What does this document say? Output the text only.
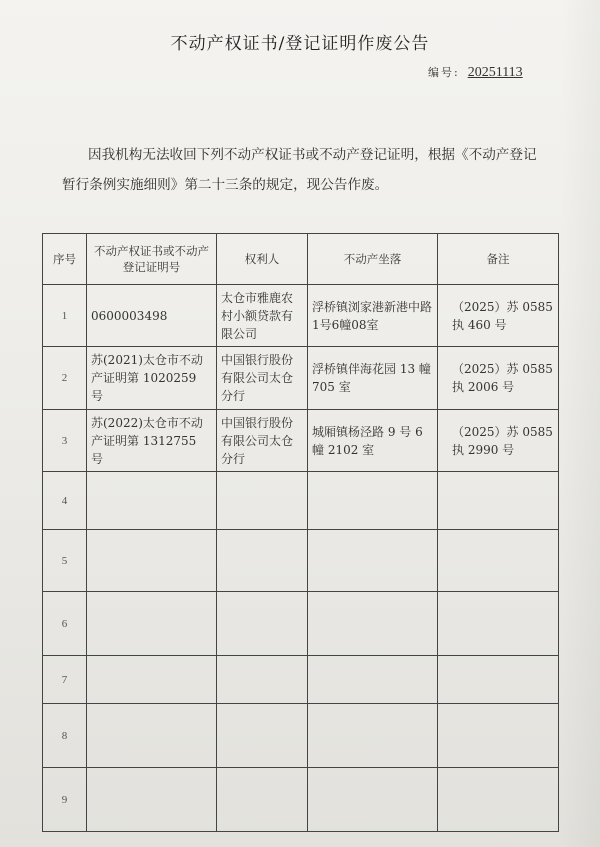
不动产权证书/登记证明作废公告
编号: 20251113
因我机构无法收回下列不动产权证书或不动产登记证明，根据《不动产登记
暂行条例实施细则》第二十三条的规定，现公告作废。
序号	不动产权证书或不动产登记证明号	权利人	不动产坐落	备注
1	0600003498	太仓市雅鹿农村小额贷款有限公司	浮桥镇浏家港新港中路1号6幢08室	（2025）苏 0585 执 460 号
2	苏(2021)太仓市不动产证明第 1020259 号	中国银行股份有限公司太仓分行	浮桥镇伴海花园 13 幢 705 室	（2025）苏 0585 执 2006 号
3	苏(2022)太仓市不动产证明第 1312755 号	中国银行股份有限公司太仓分行	城厢镇杨泾路 9 号 6 幢 2102 室	（2025）苏 0585 执 2990 号
4				
5				
6				
7				
8				
9				
